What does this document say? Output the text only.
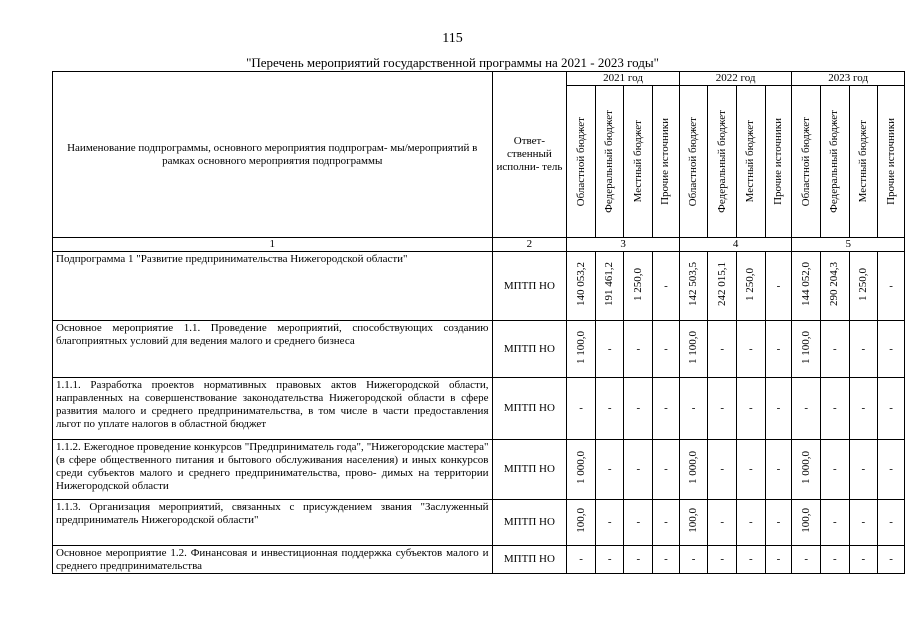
115
"Перечень мероприятий государственной программы на 2021 - 2023 годы"
Наименование подпрограммы, основного мероприятия подпрограм- мы/мероприятий в рамках основного мероприятия подпрограммы	Ответ- ственный исполни- тель	2021 год				2022 год				2023 год			

		Областной бюджет	Федеральный бюджет	Местный бюджет	Прочие источники	Областной бюджет	Федеральный бюджет	Местный бюджет	Прочие источники	Областной бюджет	Федеральный бюджет	Местный бюджет	Прочие источники

1	2	3				4				5			
Подпрограмма 1 "Развитие предпринимательства Нижегородской области"	МПТП НО	140 053,2	191 461,2	1 250,0	-	142 503,5	242 015,1	1 250,0	-	144 052,0	290 204,3	1 250,0	-
Основное мероприятие 1.1. Проведение мероприятий, способствующих созданию благоприятных условий для ведения малого и среднего бизнеса	МПТП НО	1 100,0	-	-	-	1 100,0	-	-	-	1 100,0	-	-	-
1.1.1. Разработка проектов нормативных правовых актов Нижегородской области, направленных на совершенствование законодательства Нижегородской области в сфере развития малого и среднего предпринимательства, в том числе в части предоставления льгот по уплате налогов в областной бюджет	МПТП НО	-	-	-	-	-	-	-	-	-	-	-	-
1.1.2. Ежегодное проведение конкурсов "Предприниматель года", "Нижегородские мастера" (в сфере общественного питания и бытового обслуживания населения) и иных конкурсов среди субъектов малого и среднего предпринимательства, прово- димых на территории Нижегородской области	МПТП НО	1 000,0	-	-	-	1 000,0	-	-	-	1 000,0	-	-	-
1.1.3. Организация мероприятий, связанных с присуждением звания "Заслуженный предприниматель Нижегородской области"	МПТП НО	100,0	-	-	-	100,0	-	-	-	100,0	-	-	-
Основное мероприятие 1.2. Финансовая и инвестиционная поддержка субъектов малого и среднего предпринимательства	МПТП НО	-	-	-	-	-	-	-	-	-	-	-	-
